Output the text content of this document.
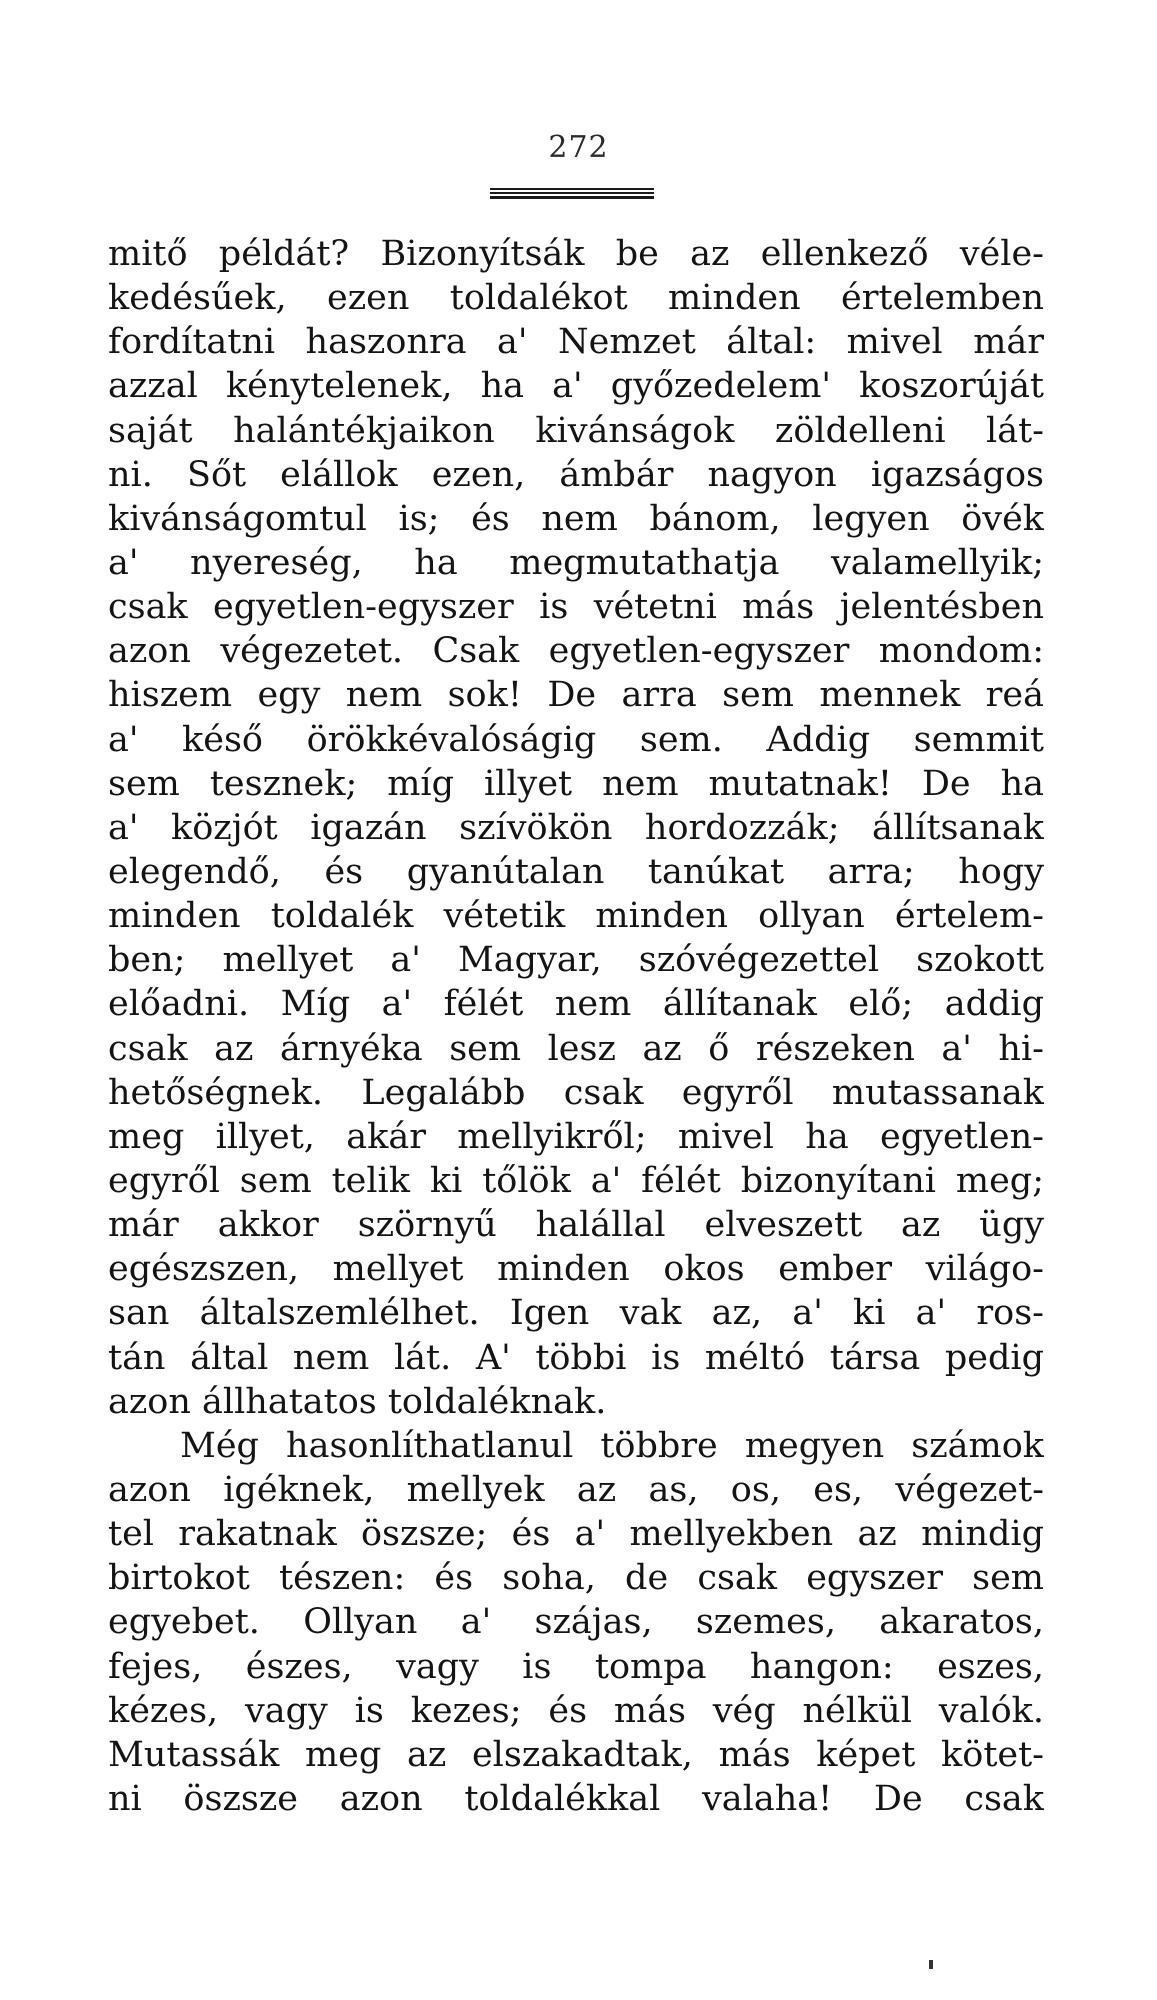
272
mitő példát? Bizonyítsák be az ellenkező véle-
kedésűek, ezen toldalékot minden értelemben
fordítatni haszonra a' Nemzet által: mivel már
azzal kénytelenek, ha a' győzedelem' koszorúját
saját halántékjaikon kivánságok zöldelleni lát-
ni. Sőt elállok ezen, ámbár nagyon igazságos
kivánságomtul is; és nem bánom, legyen övék
a' nyereség, ha megmutathatja valamellyik;
csak egyetlen-egyszer is vétetni más jelentésben
azon végezetet. Csak egyetlen-egyszer mondom:
hiszem egy nem sok! De arra sem mennek reá
a' késő örökkévalóságig sem. Addig semmit
sem tesznek; míg illyet nem mutatnak! De ha
a' közjót igazán szívökön hordozzák; állítsanak
elegendő, és gyanútalan tanúkat arra; hogy
minden toldalék vétetik minden ollyan értelem-
ben; mellyet a' Magyar, szóvégezettel szokott
előadni. Míg a' félét nem állítanak elő; addig
csak az árnyéka sem lesz az ő részeken a' hi-
hetőségnek. Legalább csak egyről mutassanak
meg illyet, akár mellyikről; mivel ha egyetlen-
egyről sem telik ki tőlök a' félét bizonyítani meg;
már akkor szörnyű halállal elveszett az ügy
egészszen, mellyet minden okos ember világo-
san általszemlélhet. Igen vak az, a' ki a' ros-
tán által nem lát. A' többi is méltó társa pedig
azon állhatatos toldaléknak.
Még hasonlíthatlanul többre megyen számok
azon igéknek, mellyek az as, os, es, végezet-
tel rakatnak öszsze; és a' mellyekben az mindig
birtokot tészen: és soha, de csak egyszer sem
egyebet. Ollyan a' szájas, szemes, akaratos,
fejes, észes, vagy is tompa hangon: eszes,
kézes, vagy is kezes; és más vég nélkül valók.
Mutassák meg az elszakadtak, más képet kötet-
ni öszsze azon toldalékkal valaha! De csak
